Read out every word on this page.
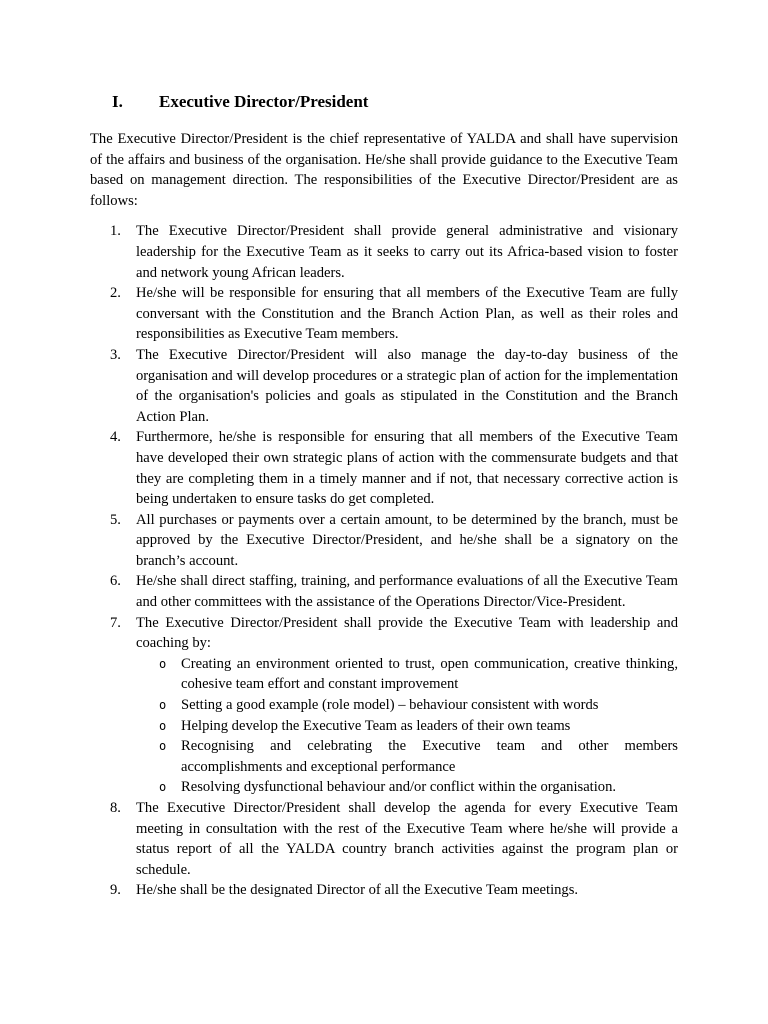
I.	Executive Director/President

The Executive Director/President is the chief representative of YALDA and shall have supervision of the affairs and business of the organisation. He/she shall provide guidance to the Executive Team based on management direction. The responsibilities of the Executive Director/President are as follows:

1. The Executive Director/President shall provide general administrative and visionary leadership for the Executive Team as it seeks to carry out its Africa-based vision to foster and network young African leaders.
2. He/she will be responsible for ensuring that all members of the Executive Team are fully conversant with the Constitution and the Branch Action Plan, as well as their roles and responsibilities as Executive Team members.
3. The Executive Director/President will also manage the day-to-day business of the organisation and will develop procedures or a strategic plan of action for the implementation of the organisation's policies and goals as stipulated in the Constitution and the Branch Action Plan.
4. Furthermore, he/she is responsible for ensuring that all members of the Executive Team have developed their own strategic plans of action with the commensurate budgets and that they are completing them in a timely manner and if not, that necessary corrective action is being undertaken to ensure tasks do get completed.
5. All purchases or payments over a certain amount, to be determined by the branch, must be approved by the Executive Director/President, and he/she shall be a signatory on the branch’s account.
6. He/she shall direct staffing, training, and performance evaluations of all the Executive Team and other committees with the assistance of the Operations Director/Vice-President.
7. The Executive Director/President shall provide the Executive Team with leadership and coaching by:
o Creating an environment oriented to trust, open communication, creative thinking, cohesive team effort and constant improvement
o Setting a good example (role model) – behaviour consistent with words
o Helping develop the Executive Team as leaders of their own teams
o Recognising and celebrating the Executive team and other members accomplishments and exceptional performance
o Resolving dysfunctional behaviour and/or conflict within the organisation.
8. The Executive Director/President shall develop the agenda for every Executive Team meeting in consultation with the rest of the Executive Team where he/she will provide a status report of all the YALDA country branch activities against the program plan or schedule.
9. He/she shall be the designated Director of all the Executive Team meetings.
